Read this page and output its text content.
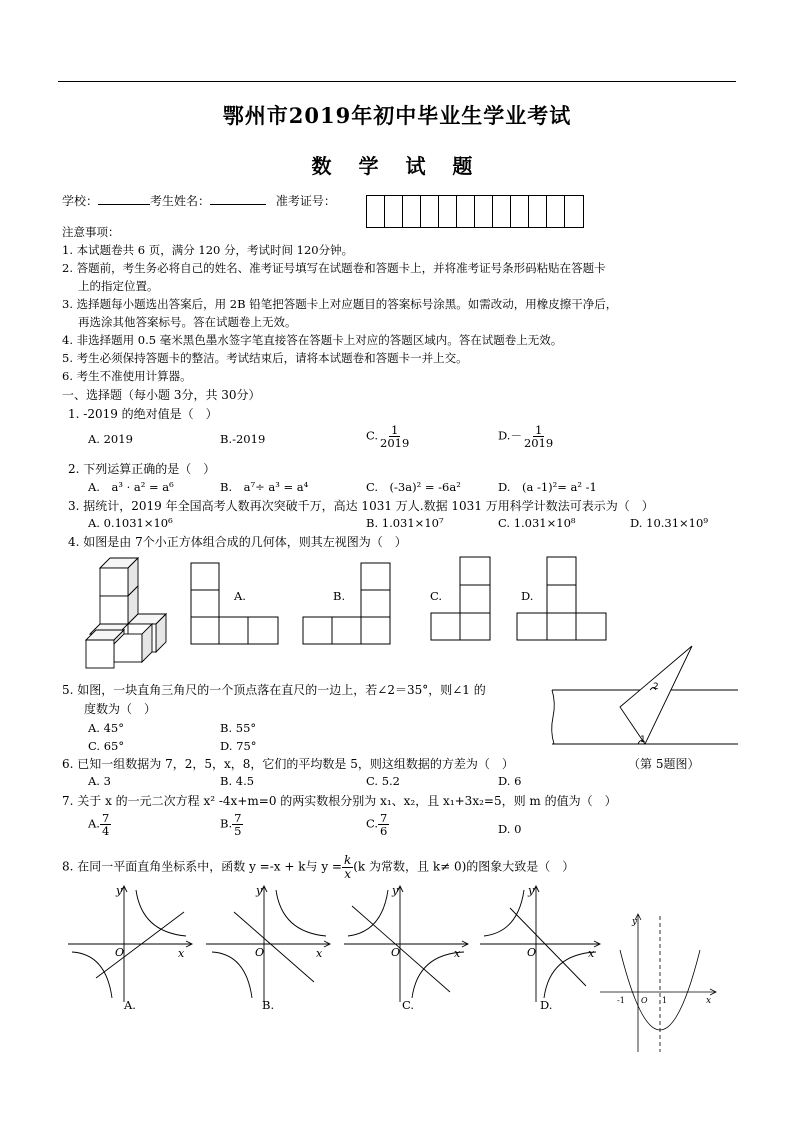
鄂州市2019年初中毕业生学业考试
数 学 试 题
学校：	考生姓名：	准考证号：
注意事项：
1. 本试题卷共 6 页，满分 120 分，考试时间 120分钟。
2. 答题前，考生务必将自己的姓名、准考证号填写在试题卷和答题卡上，并将准考证号条形码粘贴在答题卡
上的指定位置。
3. 选择题每小题选出答案后，用 2B 铅笔把答题卡上对应题目的答案标号涂黑。如需改动，用橡皮擦干净后，
再选涂其他答案标号。答在试题卷上无效。
4. 非选择题用 0.5 毫米黑色墨水签字笔直接答在答题卡上对应的答题区域内。答在试题卷上无效。
5. 考生必须保持答题卡的整洁。考试结束后，请将本试题卷和答题卡一并上交。
6. 考生不准使用计算器。
一、选择题（每小题 3分，共 30分）
1. -2019 的绝对值是（　）
A. 2019	B.-2019	C. $\frac{1}{2019}$	$D.- \frac{1}{2019}$
2. 下列运算正确的是（　）
A.　a³ · a² = a⁶	B.　a⁷÷ a³ = a⁴	C.　(-3a)² = -6a²	D.　(a -1)²= a² -1
3. 据统计，2019 年全国高考人数再次突破千万，高达 1031 万人.数据 1031 万用科学计数法可表示为（　）
A. 0.1031×10⁶	B. 1.031×10⁷	C. 1.031×10⁸	D. 10.31×10⁹
4. 如图是由 7个小正方体组合成的几何体，则其左视图为（　）
A.	B.	C.	D.
5. 如图，一块直角三角尺的一个顶点落在直尺的一边上，若∠2＝35°，则∠1 的
度数为（　）
A. 45°	B. 55°
C. 65°	D. 75°
2
1
6. 已知一组数据为 7，2，5，x，8，它们的平均数是 5，则这组数据的方差为（　）	（第 5题图）
A. 3	B. 4.5	C. 5.2	D. 6
7. 关于 x 的一元二次方程 x² -4x+m=0 的两实数根分别为 x₁、x₂，且 x₁+3x₂=5，则 m 的值为（　）
A. $\frac{7}{4}$	B. $\frac{7}{5}$	C. $\frac{7}{6}$	D. 0
8. 在同一平面直角坐标系中，函数 y =-x + k与 $y = \frac{k}{x} (k$ 为常数，且 k≠ 0)的图象大致是（　）
O	x
y
A.
O	x
y
B.
O	x
y
C.
O	x
y
D.	x
y
-1 O 1
